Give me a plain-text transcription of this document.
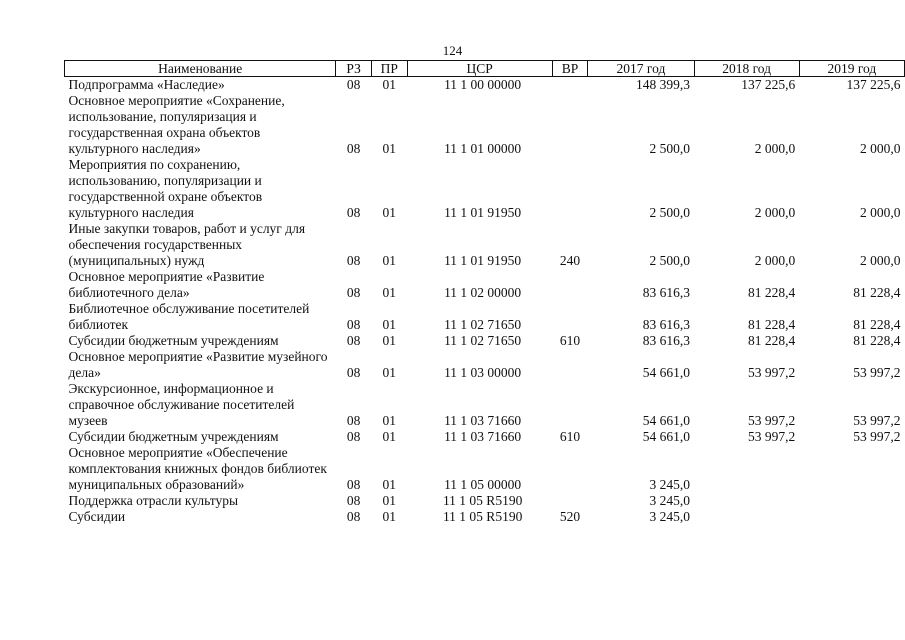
124
Наименование	РЗ	ПР	ЦСР	ВР	2017 год	2018 год	2019 год
Подпрограмма «Наследие»	08	01	11 1 00 00000		148 399,3	137 225,6	137 225,6
Основное мероприятие «Сохранение, использование, популяризация и государственная охрана объектов культурного наследия»	08	01	11 1 01 00000		2 500,0	2 000,0	2 000,0
Мероприятия по сохранению, использованию, популяризации и государственной охране объектов культурного наследия	08	01	11 1 01 91950		2 500,0	2 000,0	2 000,0
Иные закупки товаров, работ и услуг для обеспечения государственных (муниципальных) нужд	08	01	11 1 01 91950	240	2 500,0	2 000,0	2 000,0
Основное мероприятие «Развитие библиотечного дела»	08	01	11 1 02 00000		83 616,3	81 228,4	81 228,4
Библиотечное обслуживание посетителей библиотек	08	01	11 1 02 71650		83 616,3	81 228,4	81 228,4
Субсидии бюджетным учреждениям	08	01	11 1 02 71650	610	83 616,3	81 228,4	81 228,4
Основное мероприятие «Развитие музейного дела»	08	01	11 1 03 00000		54 661,0	53 997,2	53 997,2
Экскурсионное, информационное и справочное обслуживание посетителей музеев	08	01	11 1 03 71660		54 661,0	53 997,2	53 997,2
Субсидии бюджетным учреждениям	08	01	11 1 03 71660	610	54 661,0	53 997,2	53 997,2
Основное мероприятие «Обеспечение комплектования книжных фондов библиотек муниципальных образований»	08	01	11 1 05 00000		3 245,0		
Поддержка отрасли культуры	08	01	11 1 05 R5190		3 245,0		
Субсидии	08	01	11 1 05 R5190	520	3 245,0		
